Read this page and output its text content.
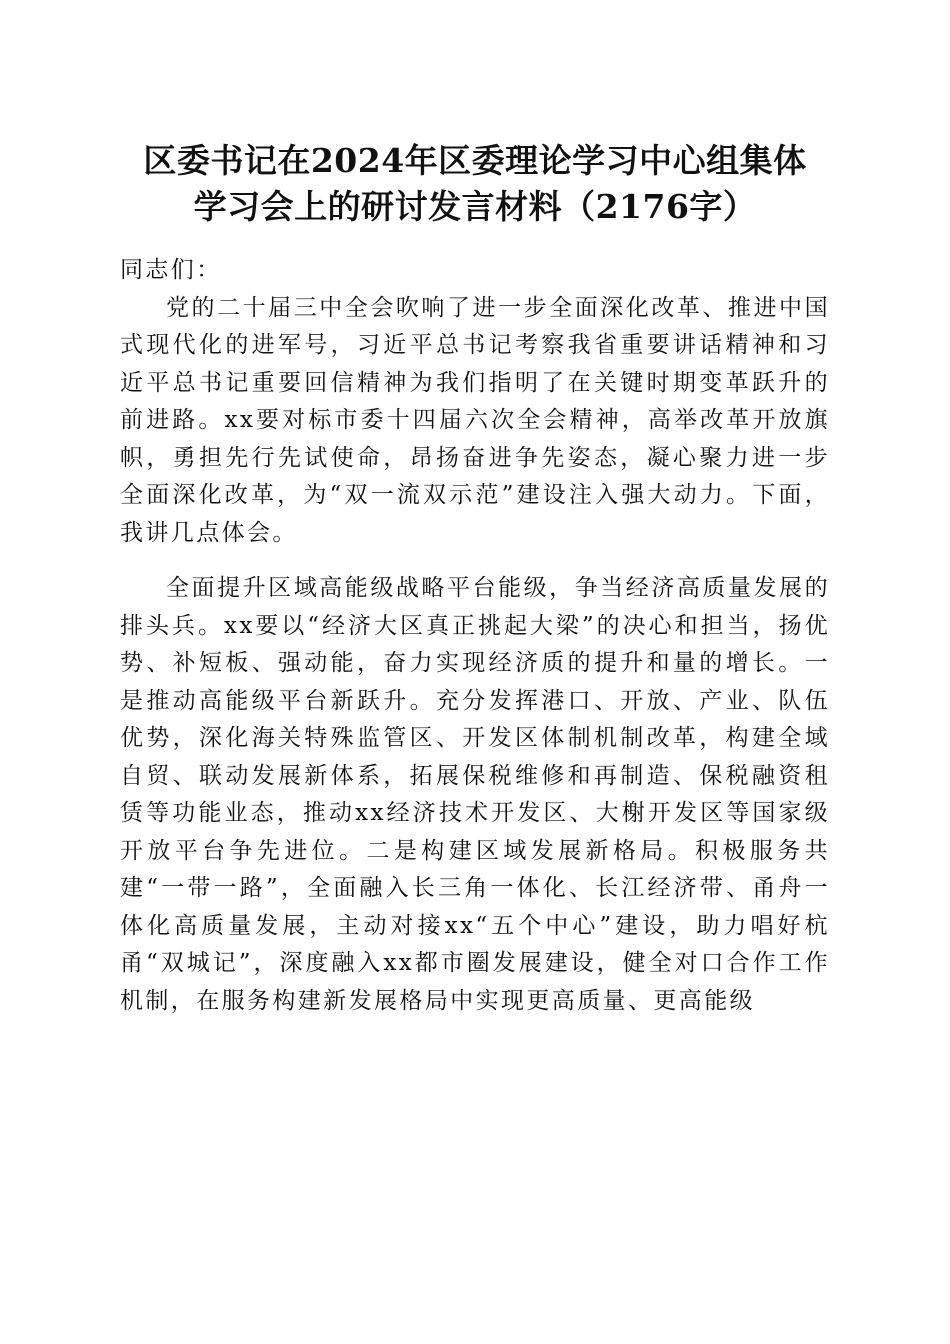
区委书记在2024年区委理论学习中心组集体
学习会上的研讨发言材料（2176字）

同志们：

党的二十届三中全会吹响了进一步全面深化改革、推进中国式现代化的进军号，习近平总书记考察我省重要讲话精神和习近平总书记重要回信精神为我们指明了在关键时期变革跃升的前进路。xx要对标市委十四届六次全会精神，高举改革开放旗帜，勇担先行先试使命，昂扬奋进争先姿态，凝心聚力进一步全面深化改革，为“双一流双示范”建设注入强大动力。下面，我讲几点体会。

全面提升区域高能级战略平台能级，争当经济高质量发展的排头兵。xx要以“经济大区真正挑起大梁”的决心和担当，扬优势、补短板、强动能，奋力实现经济质的提升和量的增长。一是推动高能级平台新跃升。充分发挥港口、开放、产业、队伍优势，深化海关特殊监管区、开发区体制机制改革，构建全域自贸、联动发展新体系，拓展保税维修和再制造、保税融资租赁等功能业态，推动xx经济技术开发区、大榭开发区等国家级开放平台争先进位。二是构建区域发展新格局。积极服务共建“一带一路”，全面融入长三角一体化、长江经济带、甬舟一体化高质量发展，主动对接xx“五个中心”建设，助力唱好杭甬“双城记”，深度融入xx都市圈发展建设，健全对口合作工作机制，在服务构建新发展格局中实现更高质量、更高能级
